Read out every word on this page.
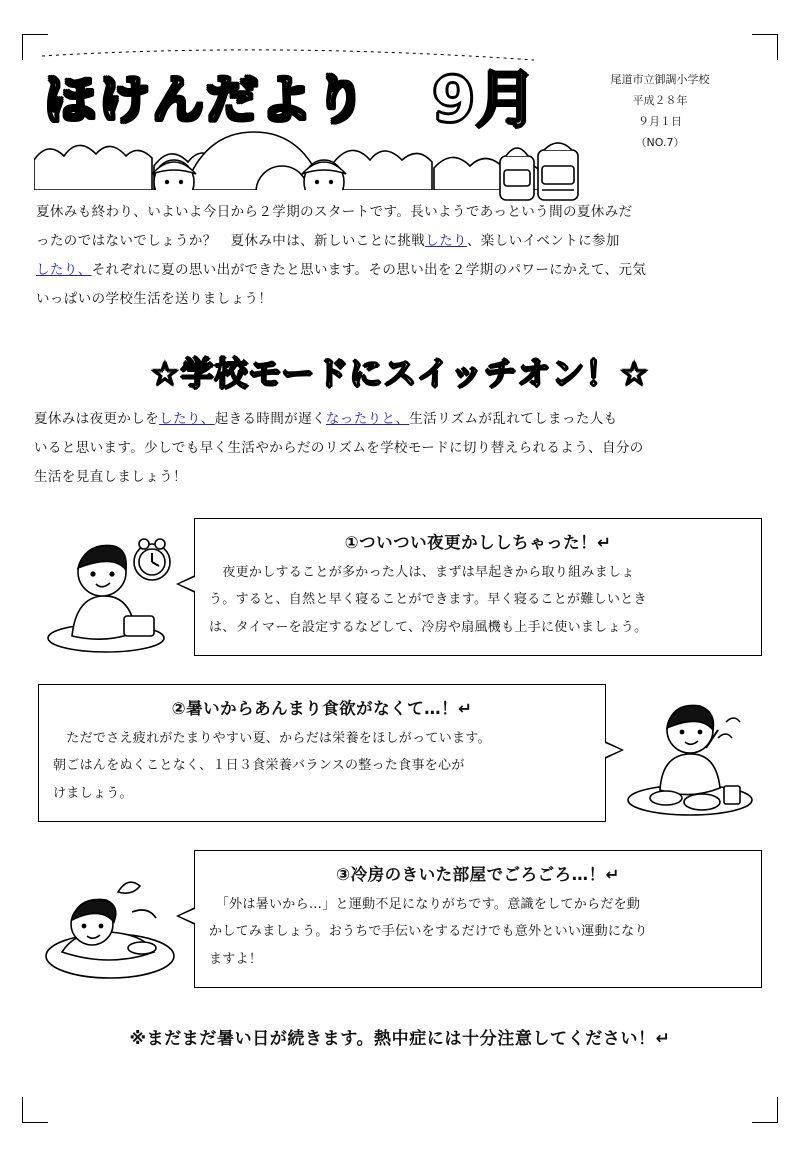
ほけんだより 9月	尾道市立御調小学校
平成２８年
９月１日
（NO.7）
夏休みも終わり、いよいよ今日から２学期のスタートです。長いようであっという間の夏休みだ
ったのではないでしょうか？　夏休み中は、新しいことに挑戦したり、楽しいイベントに参加
したり、それぞれに夏の思い出ができたと思います。その思い出を２学期のパワーにかえて、元気
いっぱいの学校生活を送りましょう！
☆学校モードにスイッチオン！☆
夏休みは夜更かしをしたり、起きる時間が遅くなったりと、生活リズムが乱れてしまった人も
いると思います。少しでも早く生活やからだのリズムを学校モードに切り替えられるよう、自分の
生活を見直しましょう！
①ついつい夜更かししちゃった！↵
　夜更かしすることが多かった人は、まずは早起きから取り組みましょ
う。すると、自然と早く寝ることができます。早く寝ることが難しいとき
は、タイマーを設定するなどして、冷房や扇風機も上手に使いましょう。
②暑いからあんまり食欲がなくて…！↵
　ただでさえ疲れがたまりやすい夏、からだは栄養をほしがっています。
朝ごはんをぬくことなく、１日３食栄養バランスの整った食事を心が
けましょう。
③冷房のきいた部屋でごろごろ…！↵
　「外は暑いから…」と運動不足になりがちです。意識をしてからだを動
かしてみましょう。おうちで手伝いをするだけでも意外といい運動になり
ますよ！
※まだまだ暑い日が続きます。熱中症には十分注意してください！↵
